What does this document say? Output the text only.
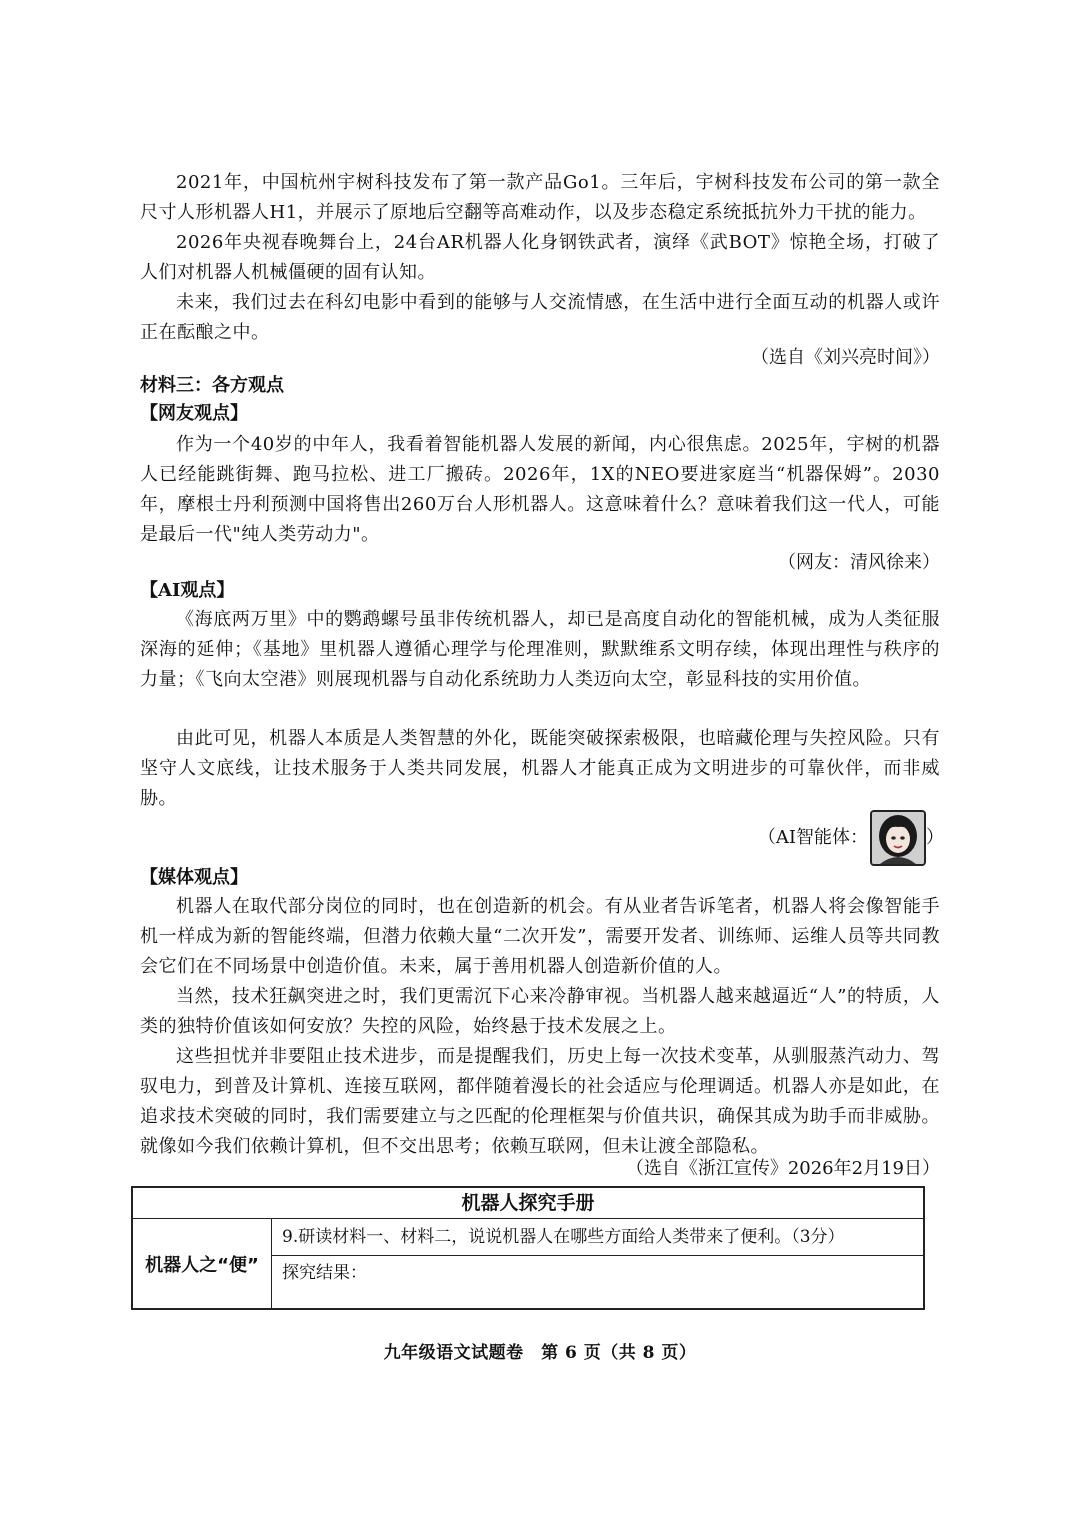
2021年，中国杭州宇树科技发布了第一款产品Go1。三年后，宇树科技发布公司的第一款全尺寸人形机器人H1，并展示了原地后空翻等高难动作，以及步态稳定系统抵抗外力干扰的能力。

2026年央视春晚舞台上，24台AR机器人化身钢铁武者，演绎《武BOT》惊艳全场，打破了人们对机器人机械僵硬的固有认知。

未来，我们过去在科幻电影中看到的能够与人交流情感，在生活中进行全面互动的机器人或许正在酝酿之中。

（选自《刘兴亮时间》）

材料三：各方观点

【网友观点】

作为一个40岁的中年人，我看着智能机器人发展的新闻，内心很焦虑。2025年，宇树的机器人已经能跳街舞、跑马拉松、进工厂搬砖。2026年，1X的NEO要进家庭当“机器保姆”。2030年，摩根士丹利预测中国将售出260万台人形机器人。这意味着什么？意味着我们这一代人，可能是最后一代"纯人类劳动力"。

（网友：清风徐来）

【AI观点】

《海底两万里》中的鹦鹉螺号虽非传统机器人，却已是高度自动化的智能机械，成为人类征服深海的延伸；《基地》里机器人遵循心理学与伦理准则，默默维系文明存续，体现出理性与秩序的力量；《飞向太空港》则展现机器与自动化系统助力人类迈向太空，彰显科技的实用价值。

由此可见，机器人本质是人类智慧的外化，既能突破探索极限，也暗藏伦理与失控风险。只有坚守人文底线，让技术服务于人类共同发展，机器人才能真正成为文明进步的可靠伙伴，而非威胁。

（AI智能体：	）

【媒体观点】

机器人在取代部分岗位的同时，也在创造新的机会。有从业者告诉笔者，机器人将会像智能手机一样成为新的智能终端，但潜力依赖大量“二次开发”，需要开发者、训练师、运维人员等共同教会它们在不同场景中创造价值。未来，属于善用机器人创造新价值的人。

当然，技术狂飙突进之时，我们更需沉下心来冷静审视。当机器人越来越逼近“人”的特质，人类的独特价值该如何安放？失控的风险，始终悬于技术发展之上。

这些担忧并非要阻止技术进步，而是提醒我们，历史上每一次技术变革，从驯服蒸汽动力、驾驭电力，到普及计算机、连接互联网，都伴随着漫长的社会适应与伦理调适。机器人亦是如此，在追求技术突破的同时，我们需要建立与之匹配的伦理框架与价值共识，确保其成为助手而非威胁。就像如今我们依赖计算机，但不交出思考；依赖互联网，但未让渡全部隐私。

（选自《浙江宣传》2026年2月19日）

机器人探究手册
机器人之“便”
9.研读材料一、材料二，说说机器人在哪些方面给人类带来了便利。（3分）
探究结果：
九年级语文试题卷　第 6 页（共 8 页）
